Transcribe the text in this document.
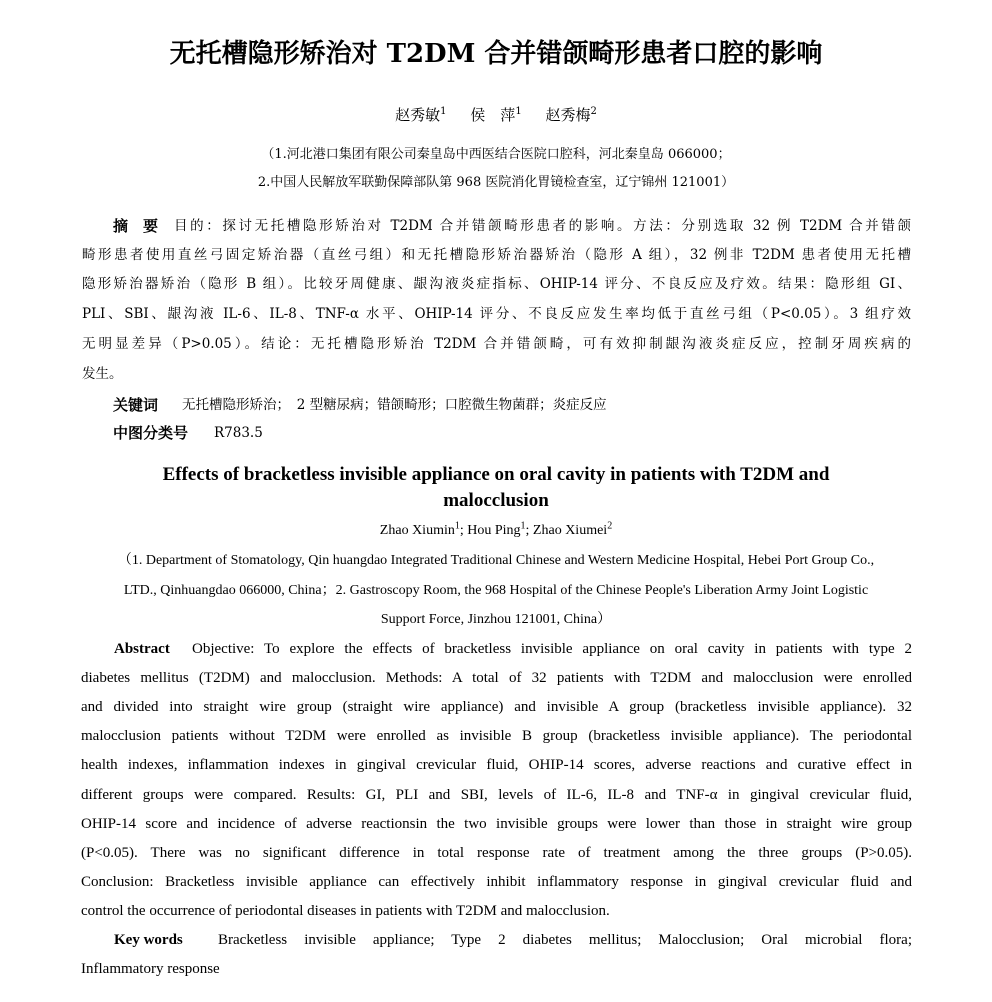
无托槽隐形矫治对 T2DM 合并错颌畸形患者口腔的影响
赵秀敏$^1$ 侯　萍$^1$ 赵秀梅$^2$
（1.河北港口集团有限公司秦皇岛中西医结合医院口腔科，河北秦皇岛 066000；
2.中国人民解放军联勤保障部队第 968 医院消化胃镜检查室，辽宁锦州 121001）
摘　要 目的：探讨无托槽隐形矫治对 T2DM 合并错颌畸形患者的影响。方法：分别选取 32 例 T2DM 合并错颌
畸形患者使用直丝弓固定矫治器（直丝弓组）和无托槽隐形矫治器矫治（隐形 A 组），32 例非 T2DM 患者使用无托槽
隐形矫治器矫治（隐形 B 组）。比较牙周健康、龈沟液炎症指标、OHIP-14 评分、不良反应及疗效。结果：隐形组 GI、
PLI、SBI、龈沟液 IL-6、IL-8、TNF-α 水平、OHIP-14 评分、不良反应发生率均低于直丝弓组（P<0.05）。3 组疗效
无明显差异（P>0.05）。结论：无托槽隐形矫治 T2DM 合并错颌畸，可有效抑制龈沟液炎症反应，控制牙周疾病的
发生。
关键词 无托槽隐形矫治；　2 型糖尿病；错颌畸形；口腔微生物菌群；炎症反应
中图分类号 R783.5
Effects of bracketless invisible appliance on oral cavity in patients with T2DM and
malocclusion
Zhao Xiumin$^1$; Hou Ping$^1$; Zhao Xiumei$^2$
（1. Department of Stomatology, Qin huangdao Integrated Traditional Chinese and Western Medicine Hospital, Hebei Port Group Co.,
LTD., Qinhuangdao 066000, China；2. Gastroscopy Room, the 968 Hospital of the Chinese People's Liberation Army Joint Logistic
Support Force, Jinzhou 121001, China）
Abstract Objective: To explore the effects of bracketless invisible appliance on oral cavity in patients with type 2
diabetes mellitus (T2DM) and malocclusion. Methods: A total of 32 patients with T2DM and malocclusion were enrolled
and divided into straight wire group (straight wire appliance) and invisible A group (bracketless invisible appliance). 32
malocclusion patients without T2DM were enrolled as invisible B group (bracketless invisible appliance). The periodontal
health indexes, inflammation indexes in gingival crevicular fluid, OHIP-14 scores, adverse reactions and curative effect in
different groups were compared. Results: GI, PLI and SBI, levels of IL-6, IL-8 and TNF-α in gingival crevicular fluid,
OHIP-14 score and incidence of adverse reactionsin the two invisible groups were lower than those in straight wire group
(P<0.05). There was no significant difference in total response rate of treatment among the three groups (P>0.05).
Conclusion: Bracketless invisible appliance can effectively inhibit inflammatory response in gingival crevicular fluid and
control the occurrence of periodontal diseases in patients with T2DM and malocclusion.
Key words Bracketless invisible appliance; Type 2 diabetes mellitus; Malocclusion; Oral microbial flora;
Inflammatory response
